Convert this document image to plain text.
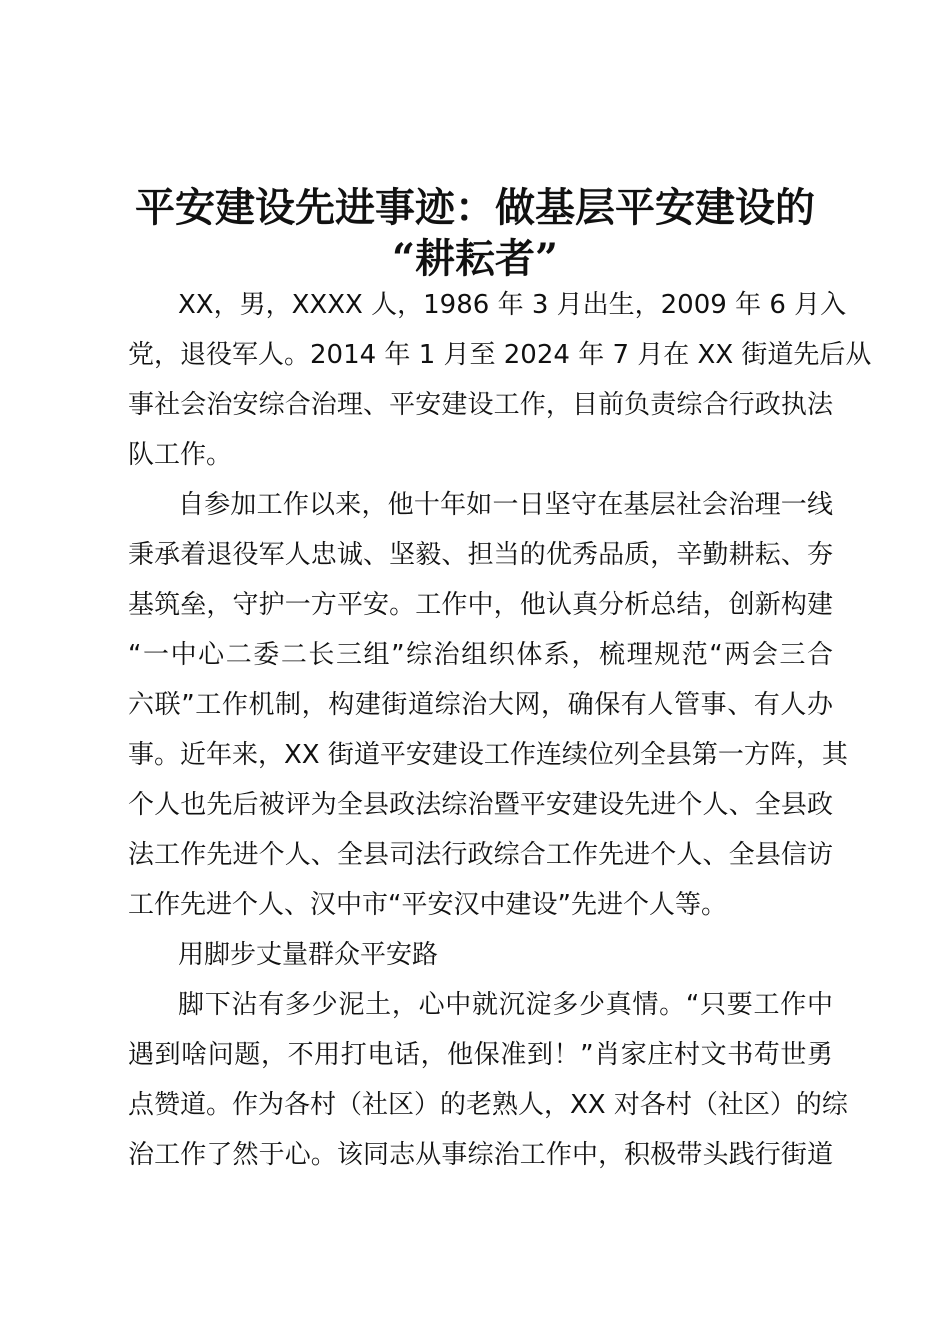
平安建设先进事迹：做基层平安建设的
“耕耘者”
XX，男，XXXX 人，1986 年 3 月出生，2009 年 6 月入
党，退役军人。2014 年 1 月至 2024 年 7 月在 XX 街道先后从
事社会治安综合治理、平安建设工作，目前负责综合行政执法
队工作。
自参加工作以来，他十年如一日坚守在基层社会治理一线
秉承着退役军人忠诚、坚毅、担当的优秀品质，辛勤耕耘、夯
基筑垒，守护一方平安。工作中，他认真分析总结，创新构建
“一中心二委二长三组”综治组织体系，梳理规范“两会三合
六联”工作机制，构建街道综治大网，确保有人管事、有人办
事。近年来，XX 街道平安建设工作连续位列全县第一方阵，其
个人也先后被评为全县政法综治暨平安建设先进个人、全县政
法工作先进个人、全县司法行政综合工作先进个人、全县信访
工作先进个人、汉中市“平安汉中建设”先进个人等。
用脚步丈量群众平安路
脚下沾有多少泥土，心中就沉淀多少真情。“只要工作中
遇到啥问题，不用打电话，他保准到！”肖家庄村文书苟世勇
点赞道。作为各村（社区）的老熟人，XX 对各村（社区）的综
治工作了然于心。该同志从事综治工作中，积极带头践行街道
